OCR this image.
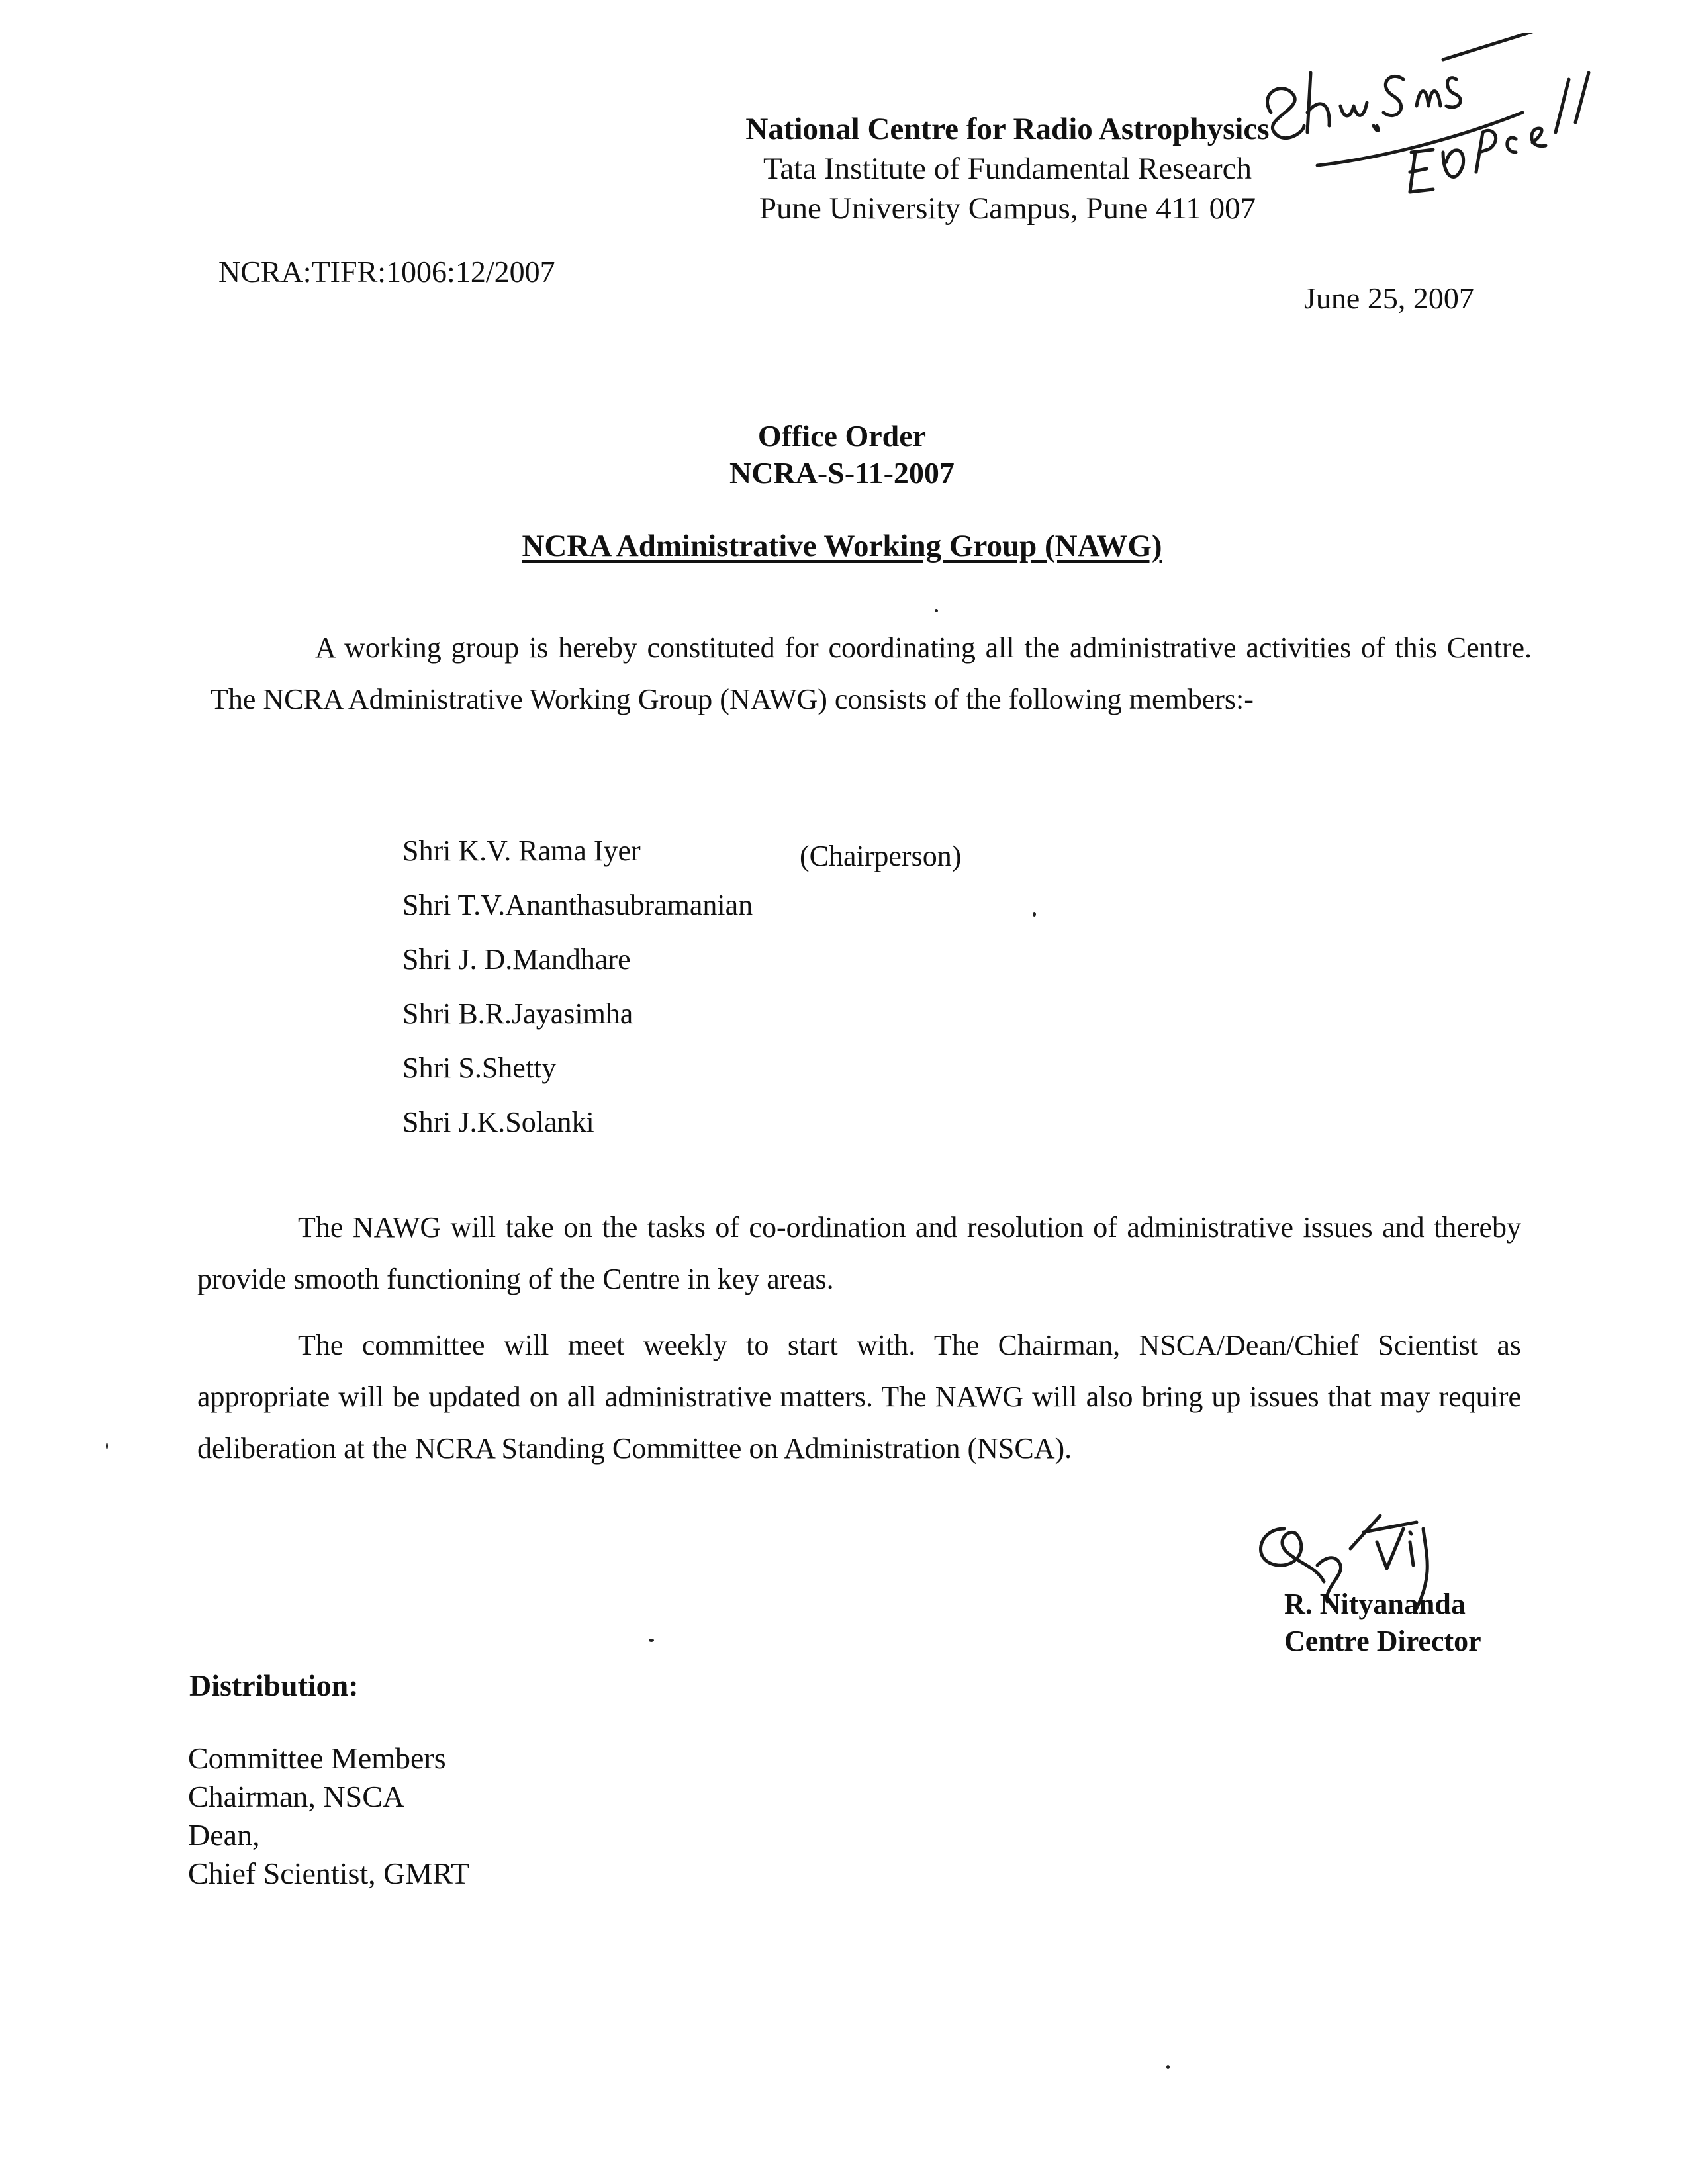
National Centre for Radio Astrophysics
Tata Institute of Fundamental Research
Pune University Campus, Pune 411 007
NCRA:TIFR:1006:12/2007
June 25, 2007
Office Order
NCRA-S-11-2007
NCRA Administrative Working Group (NAWG)
A working group is hereby constituted for coordinating all the administrative activities of this Centre. The NCRA Administrative Working Group (NAWG) consists of the following members:-
Shri K.V. Rama Iyer	(Chairperson)
Shri T.V.Ananthasubramanian
Shri J. D.Mandhare
Shri B.R.Jayasimha
Shri S.Shetty
Shri J.K.Solanki
The NAWG will take on the tasks of co-ordination and resolution of administrative issues and thereby provide smooth functioning of the Centre in key areas.
The committee will meet weekly to start with. The Chairman, NSCA/Dean/Chief Scientist as appropriate will be updated on all administrative matters. The NAWG will also bring up issues that may require deliberation at the NCRA Standing Committee on Administration (NSCA).
R. Nityananda
Centre Director
Distribution:
Committee Members
Chairman, NSCA
Dean,
Chief Scientist, GMRT
